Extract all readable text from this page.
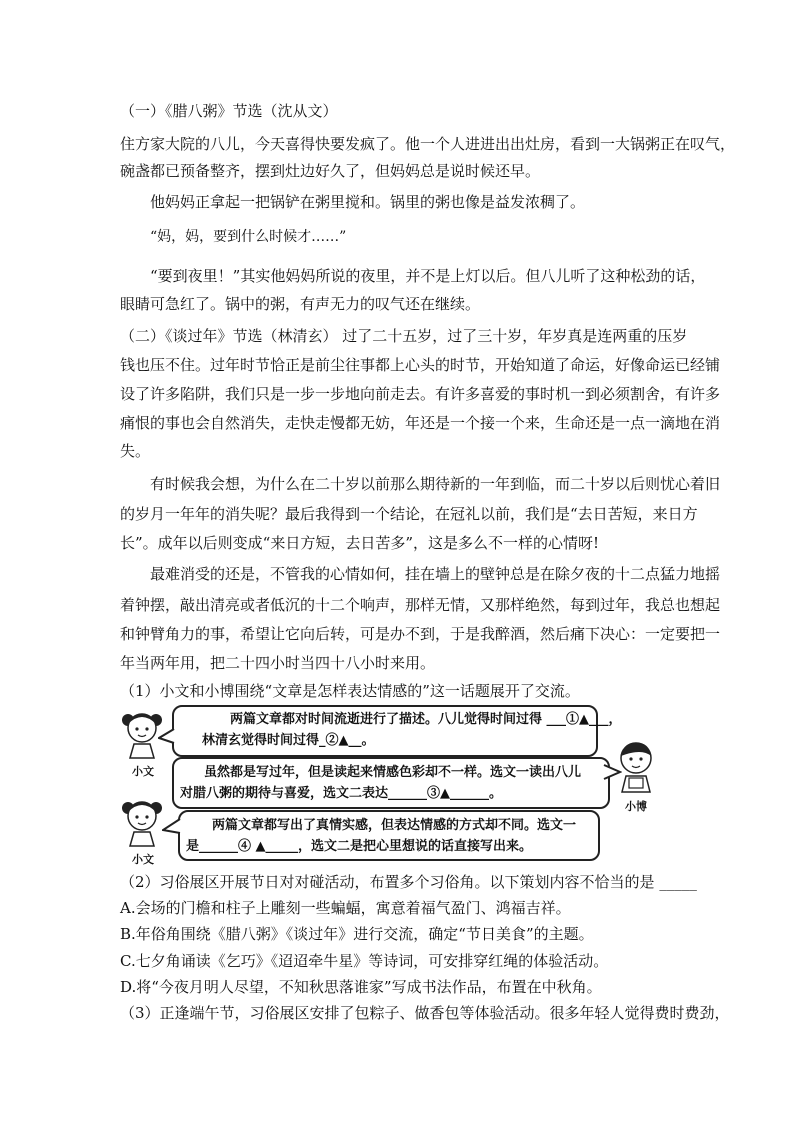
（一）《腊八粥》节选（沈从文）
住方家大院的八儿，今天喜得快要发疯了。他一个人进进出出灶房，看到一大锅粥正在叹气，
碗盏都已预备整齐，摆到灶边好久了，但妈妈总是说时候还早。
他妈妈正拿起一把锅铲在粥里搅和。锅里的粥也像是益发浓稠了。
“妈，妈，要到什么时候才……”
“要到夜里！”其实他妈妈所说的夜里，并不是上灯以后。但八儿听了这种松劲的话，
眼睛可急红了。锅中的粥，有声无力的叹气还在继续。
（二）《谈过年》节选（林清玄） 过了二十五岁，过了三十岁，年岁真是连两重的压岁
钱也压不住。过年时节恰正是前尘往事都上心头的时节，开始知道了命运，好像命运已经铺
设了许多陷阱，我们只是一步一步地向前走去。有许多喜爱的事时机一到必须割舍，有许多
痛恨的事也会自然消失，走快走慢都无妨，年还是一个接一个来，生命还是一点一滴地在消
失。
有时候我会想，为什么在二十岁以前那么期待新的一年到临，而二十岁以后则忧心着旧
的岁月一年年的消失呢？最后我得到一个结论，在冠礼以前，我们是“去日苦短，来日方
长”。成年以后则变成“来日方短，去日苦多”，这是多么不一样的心情呀!
最难消受的还是，不管我的心情如何，挂在墙上的壁钟总是在除夕夜的十二点猛力地摇
着钟摆，敲出清亮或者低沉的十二个响声，那样无情，又那样绝然，每到过年，我总也想起
和钟臂角力的事，希望让它向后转，可是办不到，于是我醉酒，然后痛下决心：一定要把一
年当两年用，把二十四小时当四十八小时来用。
（1）小文和小博围绕“文章是怎样表达情感的”这一话题展开了交流。
小文
小文
小博
两篇文章都对时间流逝进行了描述。八儿觉得时间过得 ___①▲___，
林清玄觉得时间过得_②▲__。
虽然都是写过年，但是读起来情感色彩却不一样。选文一读出八儿
对腊八粥的期待与喜爱，选文二表达______③▲______。
两篇文章都写出了真情实感，但表达情感的方式却不同。选文一
是______④ ▲_____，选文二是把心里想说的话直接写出来。
（2）习俗展区开展节日对对碰活动，布置多个习俗角。以下策划内容不恰当的是 _____
A.会场的门檐和柱子上雕刻一些蝙蝠，寓意着福气盈门、鸿福吉祥。
B.年俗角围绕《腊八粥》《谈过年》进行交流，确定“节日美食”的主题。
C.七夕角诵读《乞巧》《迢迢牵牛星》等诗词，可安排穿红绳的体验活动。
D.将“今夜月明人尽望，不知秋思落谁家”写成书法作品，布置在中秋角。
（3）正逢端午节，习俗展区安排了包粽子、做香包等体验活动。很多年轻人觉得费时费劲，
